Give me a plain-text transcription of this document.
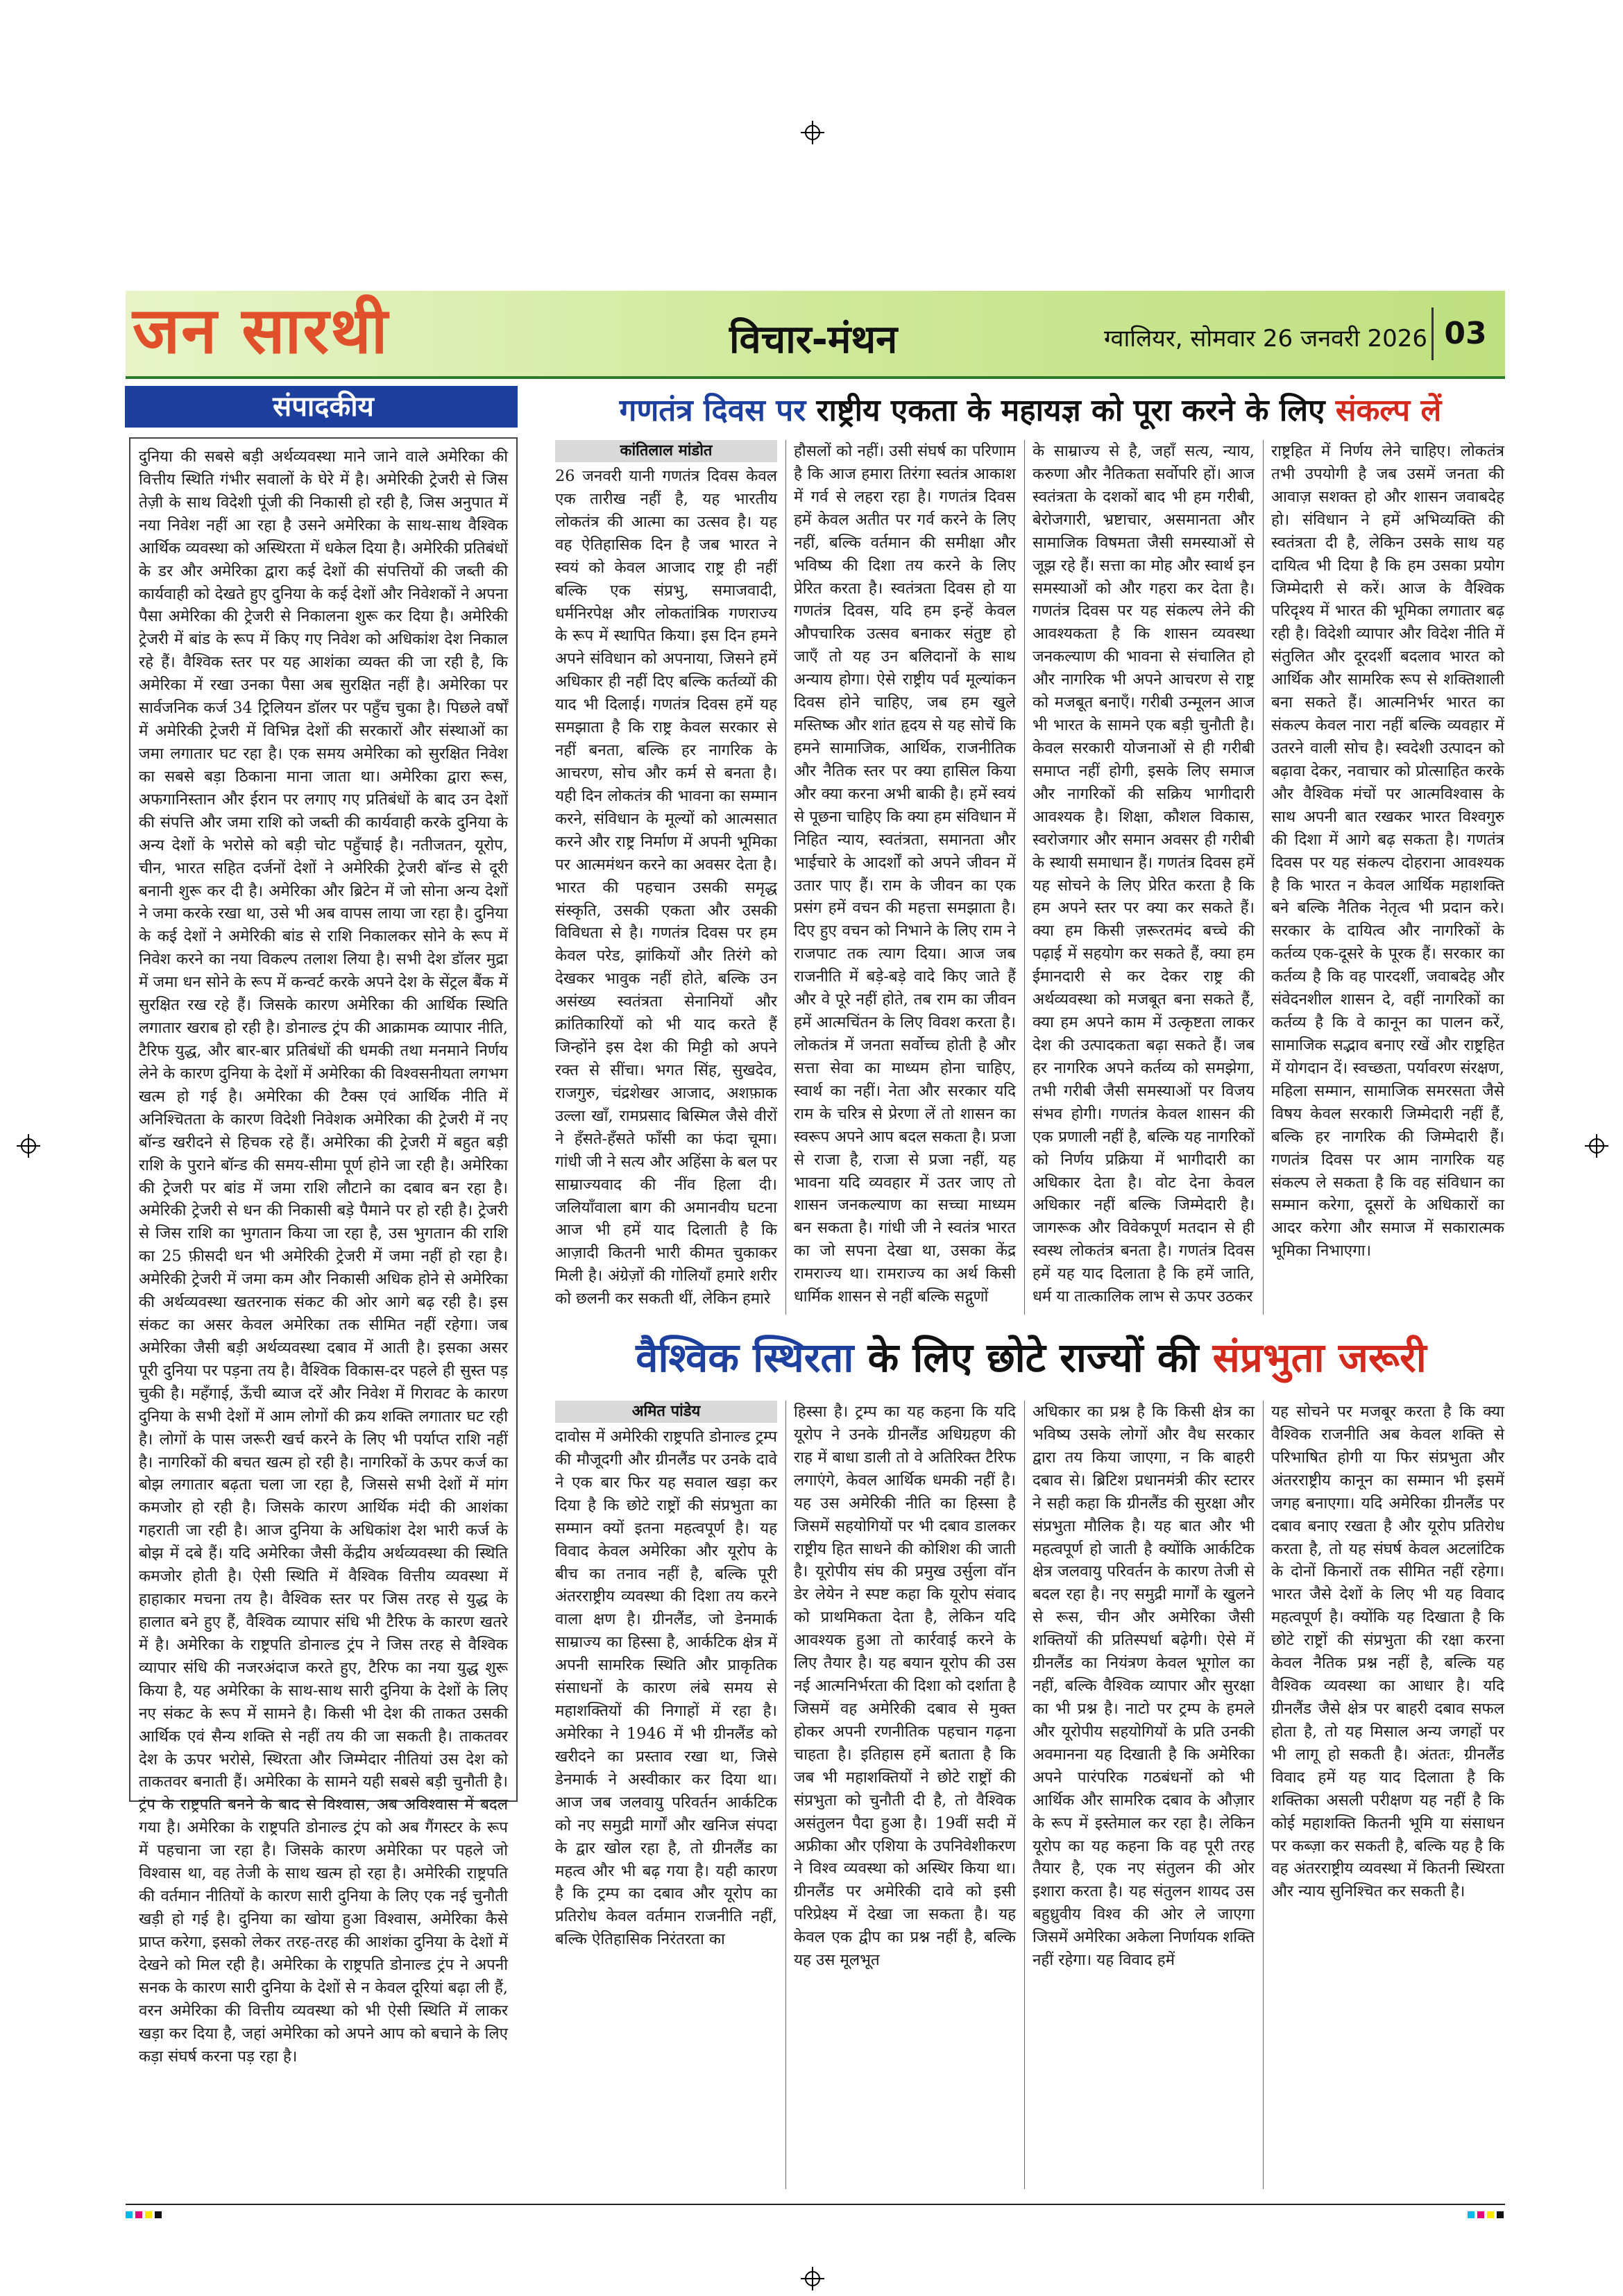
जन सारथी	विचार-मंथन	ग्वालियर, सोमवार 26 जनवरी 2026 03
संपादकीय

दुनिया की सबसे बड़ी अर्थव्यवस्था माने जाने वाले अमेरिका की वित्तीय स्थिति गंभीर सवालों के घेरे में है। अमेरिकी ट्रेजरी से जिस तेज़ी के साथ विदेशी पूंजी की निकासी हो रही है, जिस अनुपात में नया निवेश नहीं आ रहा है उसने अमेरिका के साथ-साथ वैश्विक आर्थिक व्यवस्था को अस्थिरता में धकेल दिया है। अमेरिकी प्रतिबंधों के डर और अमेरिका द्वारा कई देशों की संपत्तियों की जब्ती की कार्यवाही को देखते हुए दुनिया के कई देशों और निवेशकों ने अपना पैसा अमेरिका की ट्रेजरी से निकालना शुरू कर दिया है। अमेरिकी ट्रेजरी में बांड के रूप में किए गए निवेश को अधिकांश देश निकाल रहे हैं। वैश्विक स्तर पर यह आशंका व्यक्त की जा रही है, कि अमेरिका में रखा उनका पैसा अब सुरक्षित नहीं है। अमेरिका पर सार्वजनिक कर्ज 34 ट्रिलियन डॉलर पर पहुँच चुका है। पिछले वर्षों में अमेरिकी ट्रेजरी में विभिन्न देशों की सरकारों और संस्थाओं का जमा लगातार घट रहा है। एक समय अमेरिका को सुरक्षित निवेश का सबसे बड़ा ठिकाना माना जाता था। अमेरिका द्वारा रूस, अफगानिस्तान और ईरान पर लगाए गए प्रतिबंधों के बाद उन देशों की संपत्ति और जमा राशि को जब्ती की कार्यवाही करके दुनिया के अन्य देशों के भरोसे को बड़ी चोट पहुँचाई है। नतीजतन, यूरोप, चीन, भारत सहित दर्जनों देशों ने अमेरिकी ट्रेजरी बॉन्ड से दूरी बनानी शुरू कर दी है। अमेरिका और ब्रिटेन में जो सोना अन्य देशों ने जमा करके रखा था, उसे भी अब वापस लाया जा रहा है। दुनिया के कई देशों ने अमेरिकी बांड से राशि निकालकर सोने के रूप में निवेश करने का नया विकल्प तलाश लिया है। सभी देश डॉलर मुद्रा में जमा धन सोने के रूप में कन्वर्ट करके अपने देश के सेंट्रल बैंक में सुरक्षित रख रहे हैं। जिसके कारण अमेरिका की आर्थिक स्थिति लगातार खराब हो रही है। डोनाल्ड ट्रंप की आक्रामक व्यापार नीति, टैरिफ युद्ध, और बार-बार प्रतिबंधों की धमकी तथा मनमाने निर्णय लेने के कारण दुनिया के देशों में अमेरिका की विश्वसनीयता लगभग खत्म हो गई है। अमेरिका की टैक्स एवं आर्थिक नीति में अनिश्चितता के कारण विदेशी निवेशक अमेरिका की ट्रेजरी में नए बॉन्ड खरीदने से हिचक रहे हैं। अमेरिका की ट्रेजरी में बहुत बड़ी राशि के पुराने बॉन्ड की समय-सीमा पूर्ण होने जा रही है। अमेरिका की ट्रेजरी पर बांड में जमा राशि लौटाने का दबाव बन रहा है। अमेरिकी ट्रेजरी से धन की निकासी बड़े पैमाने पर हो रही है। ट्रेजरी से जिस राशि का भुगतान किया जा रहा है, उस भुगतान की राशि का 25 फ़ीसदी धन भी अमेरिकी ट्रेजरी में जमा नहीं हो रहा है। अमेरिकी ट्रेजरी में जमा कम और निकासी अधिक होने से अमेरिका की अर्थव्यवस्था खतरनाक संकट की ओर आगे बढ़ रही है। इस संकट का असर केवल अमेरिका तक सीमित नहीं रहेगा। जब अमेरिका जैसी बड़ी अर्थव्यवस्था दबाव में आती है। इसका असर पूरी दुनिया पर पड़ना तय है। वैश्विक विकास-दर पहले ही सुस्त पड़ चुकी है। महँगाई, ऊँची ब्याज दरें और निवेश में गिरावट के कारण दुनिया के सभी देशों में आम लोगों की क्रय शक्ति लगातार घट रही है। लोगों के पास जरूरी खर्च करने के लिए भी पर्याप्त राशि नहीं है। नागरिकों की बचत खत्म हो रही है। नागरिकों के ऊपर कर्ज का बोझ लगातार बढ़ता चला जा रहा है, जिससे सभी देशों में मांग कमजोर हो रही है। जिसके कारण आर्थिक मंदी की आशंका गहराती जा रही है। आज दुनिया के अधिकांश देश भारी कर्ज के बोझ में दबे हैं। यदि अमेरिका जैसी केंद्रीय अर्थव्यवस्था की स्थिति कमजोर होती है। ऐसी स्थिति में वैश्विक वित्तीय व्यवस्था में हाहाकार मचना तय है। वैश्विक स्तर पर जिस तरह से युद्ध के हालात बने हुए हैं, वैश्विक व्यापार संधि भी टैरिफ के कारण खतरे में है। अमेरिका के राष्ट्रपति डोनाल्ड ट्रंप ने जिस तरह से वैश्विक व्यापार संधि की नजरअंदाज करते हुए, टैरिफ का नया युद्ध शुरू किया है, यह अमेरिका के साथ-साथ सारी दुनिया के देशों के लिए नए संकट के रूप में सामने है। किसी भी देश की ताकत उसकी आर्थिक एवं सैन्य शक्ति से नहीं तय की जा सकती है। ताकतवर देश के ऊपर भरोसे, स्थिरता और जिम्मेदार नीतियां उस देश को ताकतवर बनाती हैं। अमेरिका के सामने यही सबसे बड़ी चुनौती है। ट्रंप के राष्ट्रपति बनने के बाद से विश्वास, अब अविश्वास में बदल गया है। अमेरिका के राष्ट्रपति डोनाल्ड ट्रंप को अब गैंगस्टर के रूप में पहचाना जा रहा है। जिसके कारण अमेरिका पर पहले जो विश्वास था, वह तेजी के साथ खत्म हो रहा है। अमेरिकी राष्ट्रपति की वर्तमान नीतियों के कारण सारी दुनिया के लिए एक नई चुनौती खड़ी हो गई है। दुनिया का खोया हुआ विश्वास, अमेरिका कैसे प्राप्त करेगा, इसको लेकर तरह-तरह की आशंका दुनिया के देशों में देखने को मिल रही है। अमेरिका के राष्ट्रपति डोनाल्ड ट्रंप ने अपनी सनक के कारण सारी दुनिया के देशों से न केवल दूरियां बढ़ा ली हैं, वरन अमेरिका की वित्तीय व्यवस्था को भी ऐसी स्थिति में लाकर खड़ा कर दिया है, जहां अमेरिका को अपने आप को बचाने के लिए कड़ा संघर्ष करना पड़ रहा है।

गणतंत्र दिवस पर राष्ट्रीय एकता के महायज्ञ को पूरा करने के लिए संकल्प लें
कांतिलाल मांडोत

26 जनवरी यानी गणतंत्र दिवस केवल एक तारीख नहीं है, यह भारतीय लोकतंत्र की आत्मा का उत्सव है। यह वह ऐतिहासिक दिन है जब भारत ने स्वयं को केवल आजाद राष्ट्र ही नहीं बल्कि एक संप्रभु, समाजवादी, धर्मनिरपेक्ष और लोकतांत्रिक गणराज्य के रूप में स्थापित किया। इस दिन हमने अपने संविधान को अपनाया, जिसने हमें अधिकार ही नहीं दिए बल्कि कर्तव्यों की याद भी दिलाई। गणतंत्र दिवस हमें यह समझाता है कि राष्ट्र केवल सरकार से नहीं बनता, बल्कि हर नागरिक के आचरण, सोच और कर्म से बनता है। यही दिन लोकतंत्र की भावना का सम्मान करने, संविधान के मूल्यों को आत्मसात करने और राष्ट्र निर्माण में अपनी भूमिका पर आत्ममंथन करने का अवसर देता है। भारत की पहचान उसकी समृद्ध संस्कृति, उसकी एकता और उसकी विविधता से है। गणतंत्र दिवस पर हम केवल परेड, झांकियों और तिरंगे को देखकर भावुक नहीं होते, बल्कि उन असंख्य स्वतंत्रता सेनानियों और क्रांतिकारियों को भी याद करते हैं जिन्होंने इस देश की मिट्टी को अपने रक्त से सींचा। भगत सिंह, सुखदेव, राजगुरु, चंद्रशेखर आजाद, अशफ़ाक उल्ला खाँ, रामप्रसाद बिस्मिल जैसे वीरों ने हँसते-हँसते फाँसी का फंदा चूमा। गांधी जी ने सत्य और अहिंसा के बल पर साम्राज्यवाद की नींव हिला दी। जलियाँवाला बाग की अमानवीय घटना आज भी हमें याद दिलाती है कि आज़ादी कितनी भारी कीमत चुकाकर मिली है। अंग्रेज़ों की गोलियाँ हमारे शरीर को छलनी कर सकती थीं, लेकिन हमारे

हौसलों को नहीं। उसी संघर्ष का परिणाम है कि आज हमारा तिरंगा स्वतंत्र आकाश में गर्व से लहरा रहा है। गणतंत्र दिवस हमें केवल अतीत पर गर्व करने के लिए नहीं, बल्कि वर्तमान की समीक्षा और भविष्य की दिशा तय करने के लिए प्रेरित करता है। स्वतंत्रता दिवस हो या गणतंत्र दिवस, यदि हम इन्हें केवल औपचारिक उत्सव बनाकर संतुष्ट हो जाएँ तो यह उन बलिदानों के साथ अन्याय होगा। ऐसे राष्ट्रीय पर्व मूल्यांकन दिवस होने चाहिए, जब हम खुले मस्तिष्क और शांत हृदय से यह सोचें कि हमने सामाजिक, आर्थिक, राजनीतिक और नैतिक स्तर पर क्या हासिल किया और क्या करना अभी बाकी है। हमें स्वयं से पूछना चाहिए कि क्या हम संविधान में निहित न्याय, स्वतंत्रता, समानता और भाईचारे के आदर्शों को अपने जीवन में उतार पाए हैं। राम के जीवन का एक प्रसंग हमें वचन की महत्ता समझाता है। दिए हुए वचन को निभाने के लिए राम ने राजपाट तक त्याग दिया। आज जब राजनीति में बड़े-बड़े वादे किए जाते हैं और वे पूरे नहीं होते, तब राम का जीवन हमें आत्मचिंतन के लिए विवश करता है। लोकतंत्र में जनता सर्वोच्च होती है और सत्ता सेवा का माध्यम होना चाहिए, स्वार्थ का नहीं। नेता और सरकार यदि राम के चरित्र से प्रेरणा लें तो शासन का स्वरूप अपने आप बदल सकता है। प्रजा से राजा है, राजा से प्रजा नहीं, यह भावना यदि व्यवहार में उतर जाए तो शासन जनकल्याण का सच्चा माध्यम बन सकता है। गांधी जी ने स्वतंत्र भारत का जो सपना देखा था, उसका केंद्र रामराज्य था। रामराज्य का अर्थ किसी धार्मिक शासन से नहीं बल्कि सद्गुणों

के साम्राज्य से है, जहाँ सत्य, न्याय, करुणा और नैतिकता सर्वोपरि हों। आज स्वतंत्रता के दशकों बाद भी हम गरीबी, बेरोजगारी, भ्रष्टाचार, असमानता और सामाजिक विषमता जैसी समस्याओं से जूझ रहे हैं। सत्ता का मोह और स्वार्थ इन समस्याओं को और गहरा कर देता है। गणतंत्र दिवस पर यह संकल्प लेने की आवश्यकता है कि शासन व्यवस्था जनकल्याण की भावना से संचालित हो और नागरिक भी अपने आचरण से राष्ट्र को मजबूत बनाएँ। गरीबी उन्मूलन आज भी भारत के सामने एक बड़ी चुनौती है। केवल सरकारी योजनाओं से ही गरीबी समाप्त नहीं होगी, इसके लिए समाज और नागरिकों की सक्रिय भागीदारी आवश्यक है। शिक्षा, कौशल विकास, स्वरोजगार और समान अवसर ही गरीबी के स्थायी समाधान हैं। गणतंत्र दिवस हमें यह सोचने के लिए प्रेरित करता है कि हम अपने स्तर पर क्या कर सकते हैं। क्या हम किसी ज़रूरतमंद बच्चे की पढ़ाई में सहयोग कर सकते हैं, क्या हम ईमानदारी से कर देकर राष्ट्र की अर्थव्यवस्था को मजबूत बना सकते हैं, क्या हम अपने काम में उत्कृष्टता लाकर देश की उत्पादकता बढ़ा सकते हैं। जब हर नागरिक अपने कर्तव्य को समझेगा, तभी गरीबी जैसी समस्याओं पर विजय संभव होगी। गणतंत्र केवल शासन की एक प्रणाली नहीं है, बल्कि यह नागरिकों को निर्णय प्रक्रिया में भागीदारी का अधिकार देता है। वोट देना केवल अधिकार नहीं बल्कि जिम्मेदारी है। जागरूक और विवेकपूर्ण मतदान से ही स्वस्थ लोकतंत्र बनता है। गणतंत्र दिवस हमें यह याद दिलाता है कि हमें जाति, धर्म या तात्कालिक लाभ से ऊपर उठकर

राष्ट्रहित में निर्णय लेने चाहिए। लोकतंत्र तभी उपयोगी है जब उसमें जनता की आवाज़ सशक्त हो और शासन जवाबदेह हो। संविधान ने हमें अभिव्यक्ति की स्वतंत्रता दी है, लेकिन उसके साथ यह दायित्व भी दिया है कि हम उसका प्रयोग जिम्मेदारी से करें। आज के वैश्विक परिदृश्य में भारत की भूमिका लगातार बढ़ रही है। विदेशी व्यापार और विदेश नीति में संतुलित और दूरदर्शी बदलाव भारत को आर्थिक और सामरिक रूप से शक्तिशाली बना सकते हैं। आत्मनिर्भर भारत का संकल्प केवल नारा नहीं बल्कि व्यवहार में उतरने वाली सोच है। स्वदेशी उत्पादन को बढ़ावा देकर, नवाचार को प्रोत्साहित करके और वैश्विक मंचों पर आत्मविश्वास के साथ अपनी बात रखकर भारत विश्वगुरु की दिशा में आगे बढ़ सकता है। गणतंत्र दिवस पर यह संकल्प दोहराना आवश्यक है कि भारत न केवल आर्थिक महाशक्ति बने बल्कि नैतिक नेतृत्व भी प्रदान करे। सरकार के दायित्व और नागरिकों के कर्तव्य एक-दूसरे के पूरक हैं। सरकार का कर्तव्य है कि वह पारदर्शी, जवाबदेह और संवेदनशील शासन दे, वहीं नागरिकों का कर्तव्य है कि वे कानून का पालन करें, सामाजिक सद्भाव बनाए रखें और राष्ट्रहित में योगदान दें। स्वच्छता, पर्यावरण संरक्षण, महिला सम्मान, सामाजिक समरसता जैसे विषय केवल सरकारी जिम्मेदारी नहीं हैं, बल्कि हर नागरिक की जिम्मेदारी हैं। गणतंत्र दिवस पर आम नागरिक यह संकल्प ले सकता है कि वह संविधान का सम्मान करेगा, दूसरों के अधिकारों का आदर करेगा और समाज में सकारात्मक भूमिका निभाएगा।

वैश्विक स्थिरता के लिए छोटे राज्यों की संप्रभुता जरूरी
अमित पांडेय

दावोस में अमेरिकी राष्ट्रपति डोनाल्ड ट्रम्प की मौजूदगी और ग्रीनलैंड पर उनके दावे ने एक बार फिर यह सवाल खड़ा कर दिया है कि छोटे राष्ट्रों की संप्रभुता का सम्मान क्यों इतना महत्वपूर्ण है। यह विवाद केवल अमेरिका और यूरोप के बीच का तनाव नहीं है, बल्कि पूरी अंतरराष्ट्रीय व्यवस्था की दिशा तय करने वाला क्षण है। ग्रीनलैंड, जो डेनमार्क साम्राज्य का हिस्सा है, आर्कटिक क्षेत्र में अपनी सामरिक स्थिति और प्राकृतिक संसाधनों के कारण लंबे समय से महाशक्तियों की निगाहों में रहा है। अमेरिका ने 1946 में भी ग्रीनलैंड को खरीदने का प्रस्ताव रखा था, जिसे डेनमार्क ने अस्वीकार कर दिया था। आज जब जलवायु परिवर्तन आर्कटिक को नए समुद्री मार्गों और खनिज संपदा के द्वार खोल रहा है, तो ग्रीनलैंड का महत्व और भी बढ़ गया है। यही कारण है कि ट्रम्प का दबाव और यूरोप का प्रतिरोध केवल वर्तमान राजनीति नहीं, बल्कि ऐतिहासिक निरंतरता का

हिस्सा है। ट्रम्प का यह कहना कि यदि यूरोप ने उनके ग्रीनलैंड अधिग्रहण की राह में बाधा डाली तो वे अतिरिक्त टैरिफ लगाएंगे, केवल आर्थिक धमकी नहीं है। यह उस अमेरिकी नीति का हिस्सा है जिसमें सहयोगियों पर भी दबाव डालकर राष्ट्रीय हित साधने की कोशिश की जाती है। यूरोपीय संघ की प्रमुख उर्सुला वॉन डेर लेयेन ने स्पष्ट कहा कि यूरोप संवाद को प्राथमिकता देता है, लेकिन यदि आवश्यक हुआ तो कार्रवाई करने के लिए तैयार है। यह बयान यूरोप की उस नई आत्मनिर्भरता की दिशा को दर्शाता है जिसमें वह अमेरिकी दबाव से मुक्त होकर अपनी रणनीतिक पहचान गढ़ना चाहता है। इतिहास हमें बताता है कि जब भी महाशक्तियों ने छोटे राष्ट्रों की संप्रभुता को चुनौती दी है, तो वैश्विक असंतुलन पैदा हुआ है। 19वीं सदी में अफ्रीका और एशिया के उपनिवेशीकरण ने विश्व व्यवस्था को अस्थिर किया था। ग्रीनलैंड पर अमेरिकी दावे को इसी परिप्रेक्ष्य में देखा जा सकता है। यह केवल एक द्वीप का प्रश्न नहीं है, बल्कि यह उस मूलभूत

अधिकार का प्रश्न है कि किसी क्षेत्र का भविष्य उसके लोगों और वैध सरकार द्वारा तय किया जाएगा, न कि बाहरी दबाव से। ब्रिटिश प्रधानमंत्री कीर स्टारर ने सही कहा कि ग्रीनलैंड की सुरक्षा और संप्रभुता मौलिक है। यह बात और भी महत्वपूर्ण हो जाती है क्योंकि आर्कटिक क्षेत्र जलवायु परिवर्तन के कारण तेजी से बदल रहा है। नए समुद्री मार्गों के खुलने से रूस, चीन और अमेरिका जैसी शक्तियों की प्रतिस्पर्धा बढ़ेगी। ऐसे में ग्रीनलैंड का नियंत्रण केवल भूगोल का नहीं, बल्कि वैश्विक व्यापार और सुरक्षा का भी प्रश्न है। नाटो पर ट्रम्प के हमले और यूरोपीय सहयोगियों के प्रति उनकी अवमानना यह दिखाती है कि अमेरिका अपने पारंपरिक गठबंधनों को भी आर्थिक और सामरिक दबाव के औज़ार के रूप में इस्तेमाल कर रहा है। लेकिन यूरोप का यह कहना कि वह पूरी तरह तैयार है, एक नए संतुलन की ओर इशारा करता है। यह संतुलन शायद उस बहुध्रुवीय विश्व की ओर ले जाएगा जिसमें अमेरिका अकेला निर्णायक शक्ति नहीं रहेगा। यह विवाद हमें

यह सोचने पर मजबूर करता है कि क्या वैश्विक राजनीति अब केवल शक्ति से परिभाषित होगी या फिर संप्रभुता और अंतरराष्ट्रीय कानून का सम्मान भी इसमें जगह बनाएगा। यदि अमेरिका ग्रीनलैंड पर दबाव बनाए रखता है और यूरोप प्रतिरोध करता है, तो यह संघर्ष केवल अटलांटिक के दोनों किनारों तक सीमित नहीं रहेगा। भारत जैसे देशों के लिए भी यह विवाद महत्वपूर्ण है। क्योंकि यह दिखाता है कि छोटे राष्ट्रों की संप्रभुता की रक्षा करना केवल नैतिक प्रश्न नहीं है, बल्कि यह वैश्विक व्यवस्था का आधार है। यदि ग्रीनलैंड जैसे क्षेत्र पर बाहरी दबाव सफल होता है, तो यह मिसाल अन्य जगहों पर भी लागू हो सकती है। अंततः, ग्रीनलैंड विवाद हमें यह याद दिलाता है कि शक्तिका असली परीक्षण यह नहीं है कि कोई महाशक्ति कितनी भूमि या संसाधन पर कब्ज़ा कर सकती है, बल्कि यह है कि वह अंतरराष्ट्रीय व्यवस्था में कितनी स्थिरता और न्याय सुनिश्चित कर सकती है।
